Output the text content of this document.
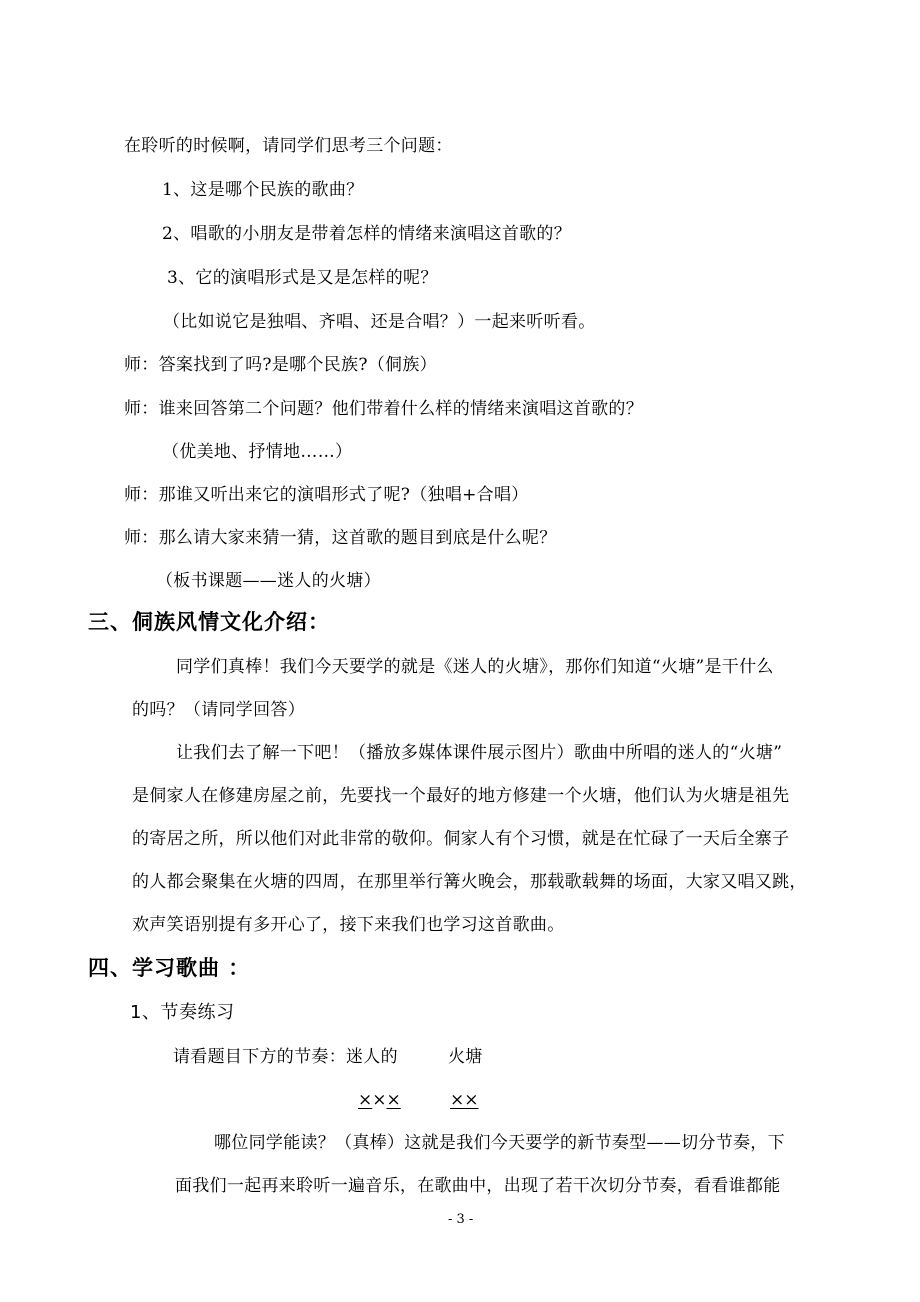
在聆听的时候啊，请同学们思考三个问题：
1、这是哪个民族的歌曲？
2、唱歌的小朋友是带着怎样的情绪来演唱这首歌的？
3、它的演唱形式是又是怎样的呢？
（比如说它是独唱、齐唱、还是合唱？）一起来听听看。
师：答案找到了吗?是哪个民族?（侗族）
师：谁来回答第二个问题？他们带着什么样的情绪来演唱这首歌的？
（优美地、抒情地……）
师：那谁又听出来它的演唱形式了呢?（独唱+合唱）
师：那么请大家来猜一猜，这首歌的题目到底是什么呢？
（板书课题——迷人的火塘）
三、侗族风情文化介绍：
同学们真棒！我们今天要学的就是《迷人的火塘》，那你们知道“火塘”是干什么
的吗？（请同学回答）
让我们去了解一下吧！（播放多媒体课件展示图片）歌曲中所唱的迷人的“火塘”
是侗家人在修建房屋之前，先要找一个最好的地方修建一个火塘，他们认为火塘是祖先
的寄居之所，所以他们对此非常的敬仰。侗家人有个习惯，就是在忙碌了一天后全寨子
的人都会聚集在火塘的四周，在那里举行篝火晚会，那载歌载舞的场面，大家又唱又跳，
欢声笑语别提有多开心了，接下来我们也学习这首歌曲。
四、学习歌曲 ：
1、节奏练习
请看题目下方的节奏：迷人的	火塘
×××	××
哪位同学能读？（真棒）这就是我们今天要学的新节奏型——切分节奏，下
面我们一起再来聆听一遍音乐，在歌曲中，出现了若干次切分节奏，看看谁都能
- 3 -
